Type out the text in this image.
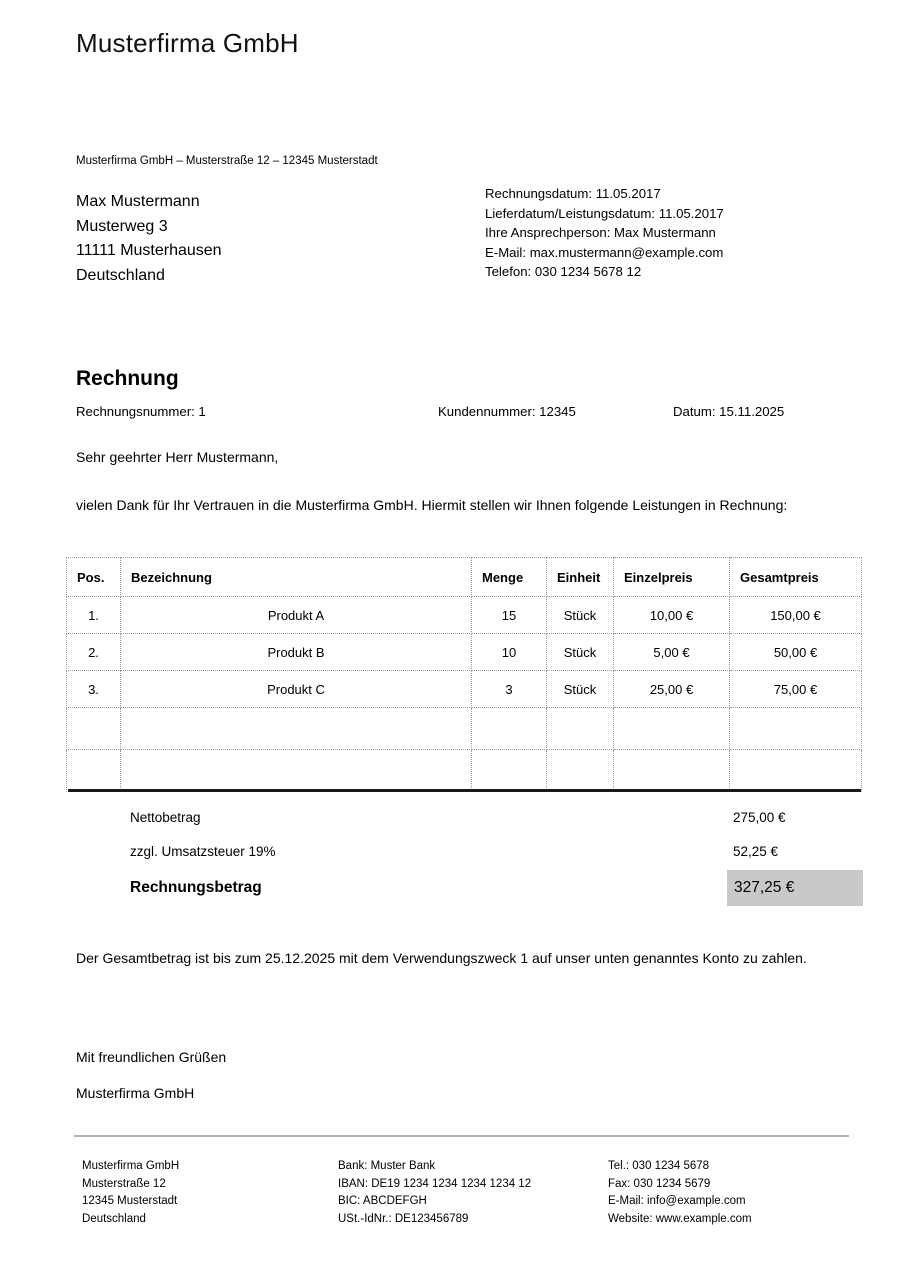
Musterfirma GmbH
Musterfirma GmbH – Musterstraße 12 – 12345 Musterstadt
Max Mustermann
Musterweg 3
11111 Musterhausen
Deutschland
Rechnungsdatum: 11.05.2017
Lieferdatum/Leistungsdatum: 11.05.2017
Ihre Ansprechperson: Max Mustermann
E-Mail: max.mustermann@example.com
Telefon: 030 1234 5678 12
Rechnung
Rechnungsnummer: 1	Kundennummer: 12345	Datum: 15.11.2025
Sehr geehrter Herr Mustermann,
vielen Dank für Ihr Vertrauen in die Musterfirma GmbH. Hiermit stellen wir Ihnen folgende Leistungen in Rechnung:
Pos.	Bezeichnung	Menge	Einheit	Einzelpreis	Gesamtpreis
1.	Produkt A	15	Stück	10,00 €	150,00 €
2.	Produkt B	10	Stück	5,00 €	50,00 €
3.	Produkt C	3	Stück	25,00 €	75,00 €

Nettobetrag	275,00 €
zzgl. Umsatzsteuer 19%	52,25 €
Rechnungsbetrag	327,25 €
Der Gesamtbetrag ist bis zum 25.12.2025 mit dem Verwendungszweck 1 auf unser unten genanntes Konto zu zahlen.
Mit freundlichen Grüßen
Musterfirma GmbH
Musterfirma GmbH
Musterstraße 12
12345 Musterstadt
Deutschland
Bank: Muster Bank
IBAN: DE19 1234 1234 1234 1234 12
BIC: ABCDEFGH
USt.-IdNr.: DE123456789
Tel.: 030 1234 5678
Fax: 030 1234 5679
E-Mail: info@example.com
Website: www.example.com
